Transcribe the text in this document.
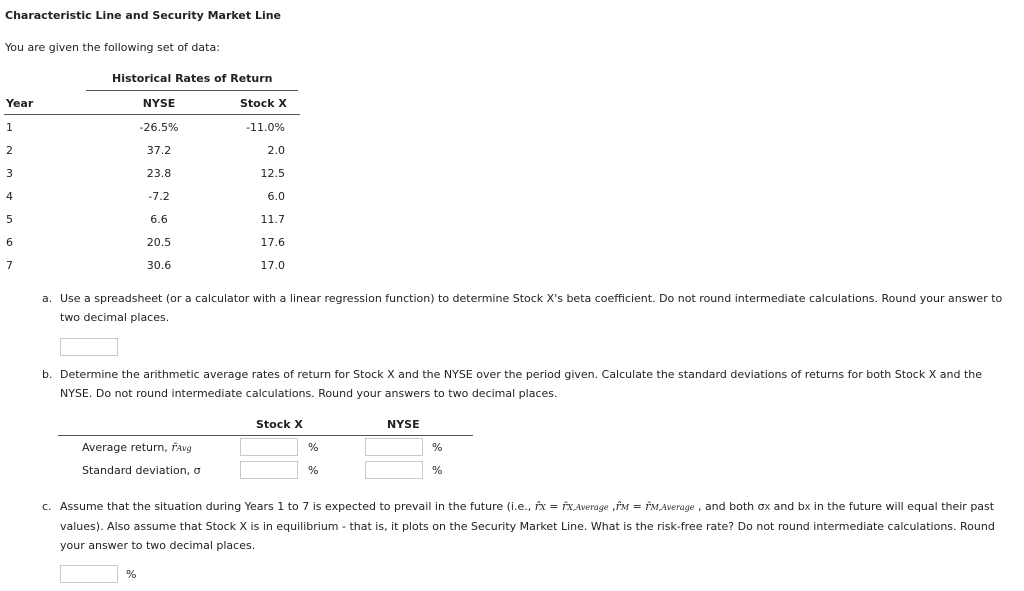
Characteristic Line and Security Market Line
You are given the following set of data:
Historical Rates of Return
Year	NYSE	Stock X
1	-26.5%	-11.0%
2	37.2	2.0
3	23.8	12.5
4	-7.2	6.0
5	6.6	11.7
6	20.5	17.6
7	30.6	17.0
a. Use a spreadsheet (or a calculator with a linear regression function) to determine Stock X's beta coefficient. Do not round intermediate calculations. Round your answer to two decimal places.
b. Determine the arithmetic average rates of return for Stock X and the NYSE over the period given. Calculate the standard deviations of returns for both Stock X and the NYSE. Do not round intermediate calculations. Round your answers to two decimal places.
Stock X	NYSE
Average return, r̄Avg	%	%
Standard deviation, σ	%	%
c. Assume that the situation during Years 1 to 7 is expected to prevail in the future (i.e., r̂X = r̄X,Average ,r̂M = r̄M,Average , and both σX and bX in the future will equal their past values). Also assume that Stock X is in equilibrium - that is, it plots on the Security Market Line. What is the risk-free rate? Do not round intermediate calculations. Round your answer to two decimal places.
%
